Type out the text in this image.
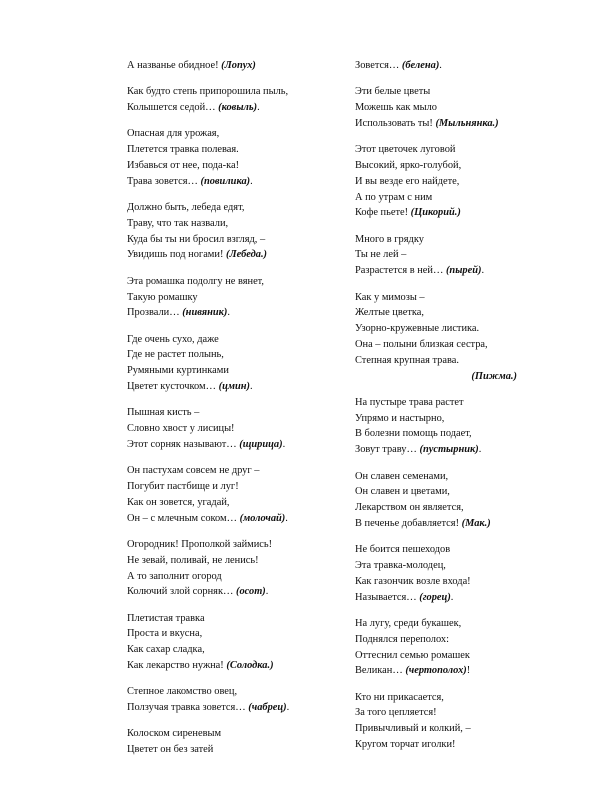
А названье обидное! (Лопух)
Как будто степь припорошила пыль,
Колышется седой… (ковыль).
Опасная для урожая,
Плетется травка полевая.
Избавься от нее, пода-ка!
Трава зовется… (повилика).
Должно быть, лебеда едят,
Траву, что так назвали,
Куда бы ты ни бросил взгляд, –
Увидишь под ногами! (Лебеда.)
Эта ромашка подолгу не вянет,
Такую ромашку
Прозвали… (нивяник).
Где очень сухо, даже
Где не растет полынь,
Румяными куртинками
Цветет кусточком… (цмин).
Пышная кисть –
Словно хвост у лисицы!
Этот сорняк называют… (щирица).
Он пастухам совсем не друг –
Погубит пастбище и луг!
Как он зовется, угадай,
Он – с млечным соком… (молочай).
Огородник! Прополкой займись!
Не зевай, поливай, не ленись!
А то заполнит огород
Колючий злой сорняк… (осот).
Плетистая травка
Проста и вкусна,
Как сахар сладка,
Как лекарство нужна! (Солодка.)
Степное лакомство овец,
Ползучая травка зовется… (чабрец).
Колоском сиреневым
Цветет он без затей
Зовется… (белена).
Эти белые цветы
Можешь как мыло
Использовать ты! (Мыльнянка.)
Этот цветочек луговой
Высокий, ярко-голубой,
И вы везде его найдете,
А по утрам с ним
Кофе пьете! (Цикорий.)
Много в грядку
Ты не лей –
Разрастется в ней… (пырей).
Как у мимозы –
Желтые цветка,
Узорно-кружевные листика.
Она – полыни близкая сестра,
Степная крупная трава.
(Пижма.)
На пустыре трава растет
Упрямо и настырно,
В болезни помощь подает,
Зовут траву… (пустырник).
Он славен семенами,
Он славен и цветами,
Лекарством он является,
В печенье добавляется! (Мак.)
Не боится пешеходов
Эта травка-молодец,
Как газончик возле входа!
Называется… (горец).
На лугу, среди букашек,
Поднялся переполох:
Оттеснил семью ромашек
Великан… (чертополох)!
Кто ни прикасается,
За того цепляется!
Привычливый и колкий, –
Кругом торчат иголки!
